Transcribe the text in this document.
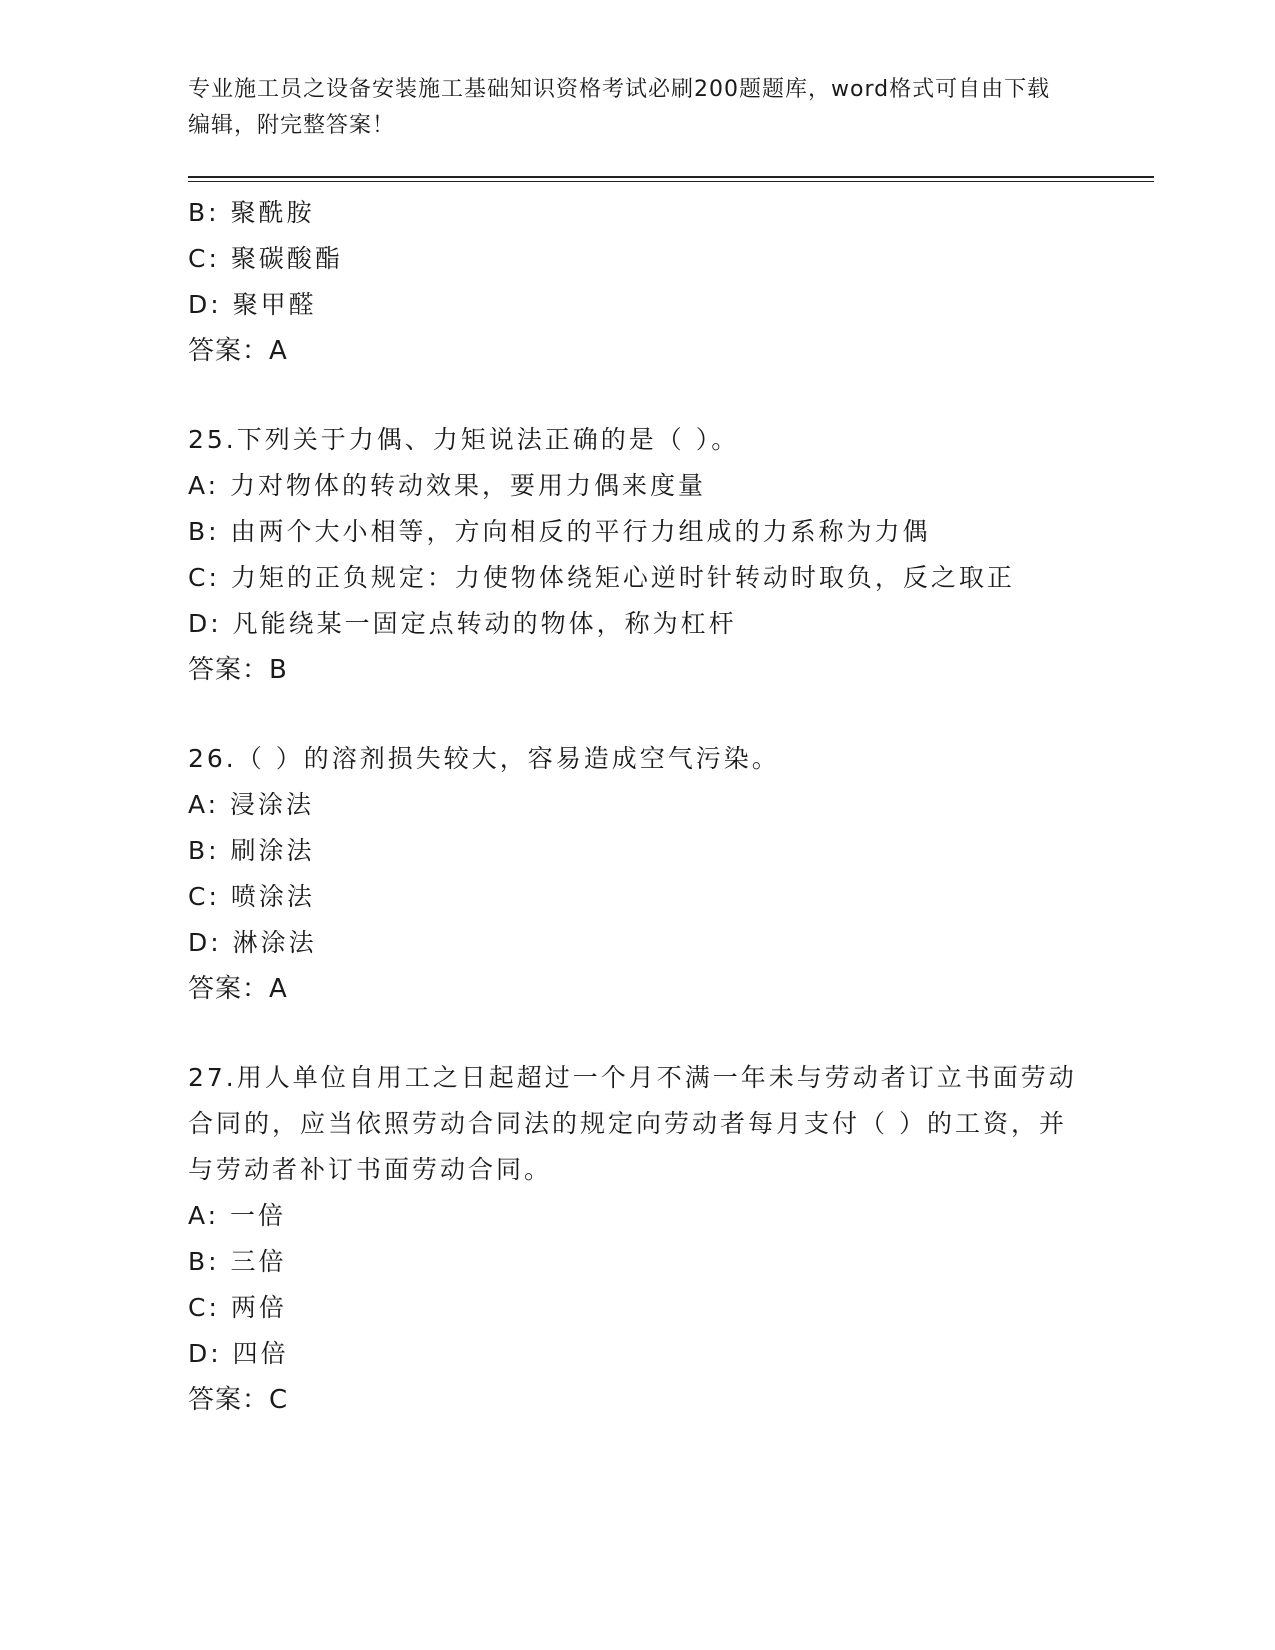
专业施工员之设备安装施工基础知识资格考试必刷200题题库，word格式可自由下载编辑，附完整答案！
B: 聚酰胺
C: 聚碳酸酯
D: 聚甲醛
答案：A
25.下列关于力偶、力矩说法正确的是（ ）。
A: 力对物体的转动效果，要用力偶来度量
B: 由两个大小相等，方向相反的平行力组成的力系称为力偶
C: 力矩的正负规定：力使物体绕矩心逆时针转动时取负，反之取正
D: 凡能绕某一固定点转动的物体，称为杠杆
答案：B
26.（ ）的溶剂损失较大，容易造成空气污染。
A: 浸涂法
B: 刷涂法
C: 喷涂法
D: 淋涂法
答案：A
27.用人单位自用工之日起超过一个月不满一年未与劳动者订立书面劳动合同的，应当依照劳动合同法的规定向劳动者每月支付（ ）的工资，并与劳动者补订书面劳动合同。
A: 一倍
B: 三倍
C: 两倍
D: 四倍
答案：C
